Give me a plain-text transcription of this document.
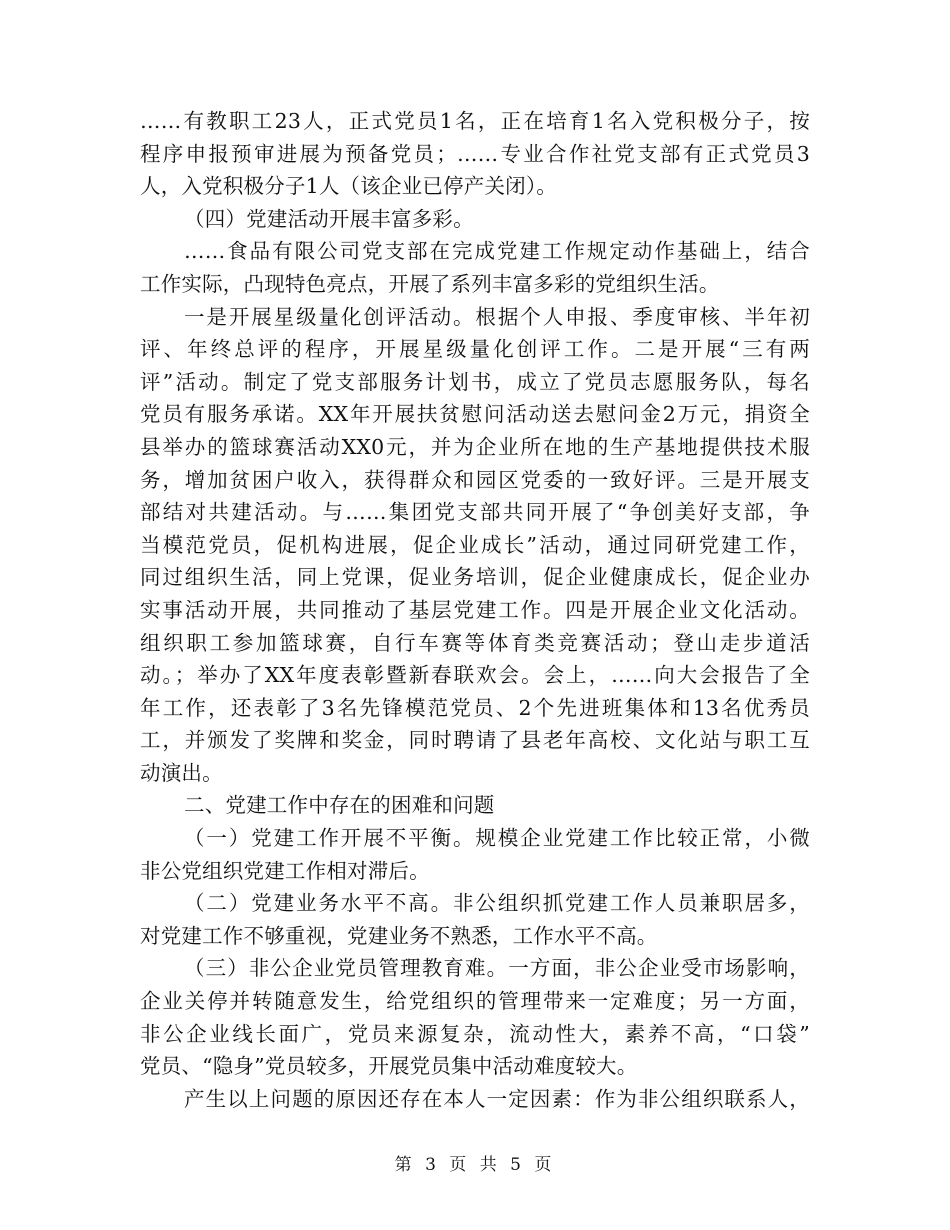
……有教职工23人，正式党员1名，正在培育1名入党积极分子，按
程序申报预审进展为预备党员；……专业合作社党支部有正式党员3
人，入党积极分子1人（该企业已停产关闭）。
（四）党建活动开展丰富多彩。
……食品有限公司党支部在完成党建工作规定动作基础上，结合
工作实际，凸现特色亮点，开展了系列丰富多彩的党组织生活。
一是开展星级量化创评活动。根据个人申报、季度审核、半年初
评、年终总评的程序，开展星级量化创评工作。二是开展“三有两
评”活动。制定了党支部服务计划书，成立了党员志愿服务队，每名
党员有服务承诺。XX年开展扶贫慰问活动送去慰问金2万元，捐资全
县举办的篮球赛活动XX0元，并为企业所在地的生产基地提供技术服
务，增加贫困户收入，获得群众和园区党委的一致好评。三是开展支
部结对共建活动。与……集团党支部共同开展了“争创美好支部，争
当模范党员，促机构进展，促企业成长”活动，通过同研党建工作，
同过组织生活，同上党课，促业务培训，促企业健康成长，促企业办
实事活动开展，共同推动了基层党建工作。四是开展企业文化活动。
组织职工参加篮球赛，自行车赛等体育类竞赛活动；登山走步道活
动。；举办了XX年度表彰暨新春联欢会。会上，……向大会报告了全
年工作，还表彰了3名先锋模范党员、2个先进班集体和13名优秀员
工，并颁发了奖牌和奖金，同时聘请了县老年高校、文化站与职工互
动演出。
二、党建工作中存在的困难和问题
（一）党建工作开展不平衡。规模企业党建工作比较正常，小微
非公党组织党建工作相对滞后。
（二）党建业务水平不高。非公组织抓党建工作人员兼职居多，
对党建工作不够重视，党建业务不熟悉，工作水平不高。
（三）非公企业党员管理教育难。一方面，非公企业受市场影响，
企业关停并转随意发生，给党组织的管理带来一定难度；另一方面，
非公企业线长面广，党员来源复杂，流动性大，素养不高，“口袋”
党员、“隐身”党员较多，开展党员集中活动难度较大。
产生以上问题的原因还存在本人一定因素：作为非公组织联系人，
第 3 页 共 5 页
